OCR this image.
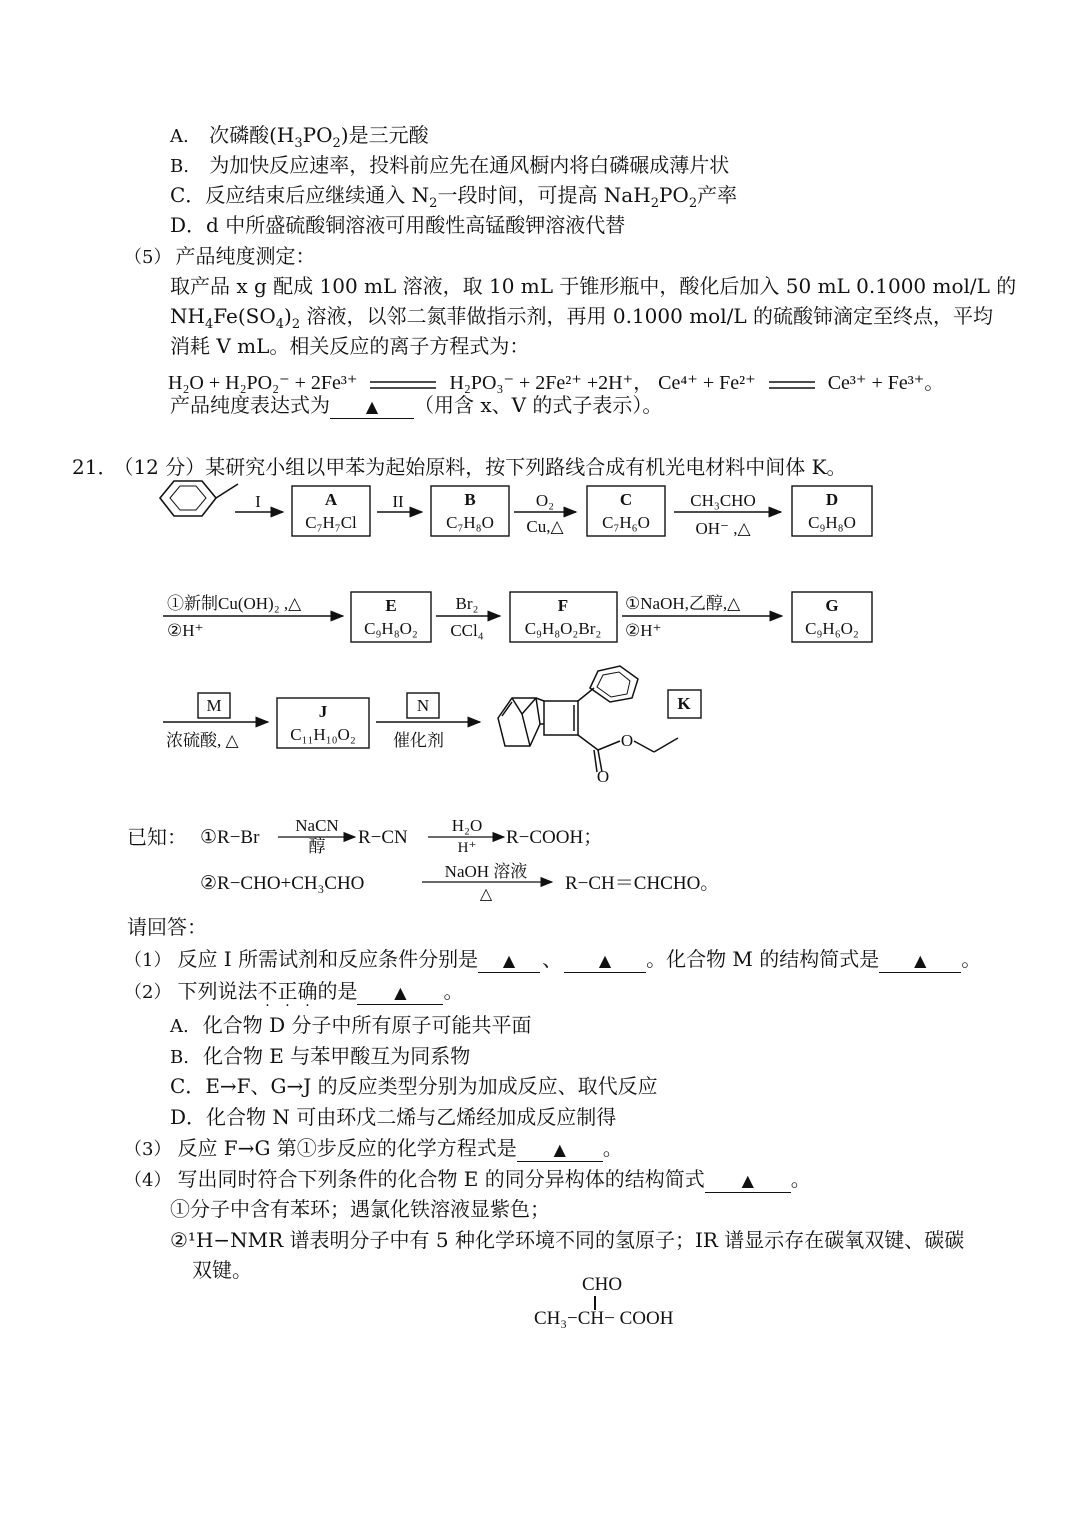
A. 次磷酸$(H_3PO_2)$是三元酸
B. 为加快反应速率，投料前应先在通风橱内将白磷碾成薄片状
C．反应结束后应继续通入 $N_2$一段时间，可提高 $NaH_2PO_2$产率
D．d 中所盛硫酸铜溶液可用酸性高锰酸钾溶液代替
（5） 产品纯度测定：
取产品 x g 配成 100 mL 溶液，取 10 mL 于锥形瓶中，酸化后加入 50 mL 0.1000 mol/L 的
$NH_4Fe(SO_4)_2$ 溶液，以邻二氮菲做指示剂，再用 0.1000 mol/L 的硫酸铈滴定至终点，平均
消耗 V mL。相关反应的离子方程式为：
H₂O + H₂PO₂⁻ + 2Fe³⁺	H₂PO₃⁻ + 2Fe²⁺ +2H⁺， Ce⁴⁺ + Fe²⁺	Ce³⁺ + Fe³⁺。
产品纯度表达式为 ▲ （用含 x、V 的式子表示）。
21． （12 分）某研究小组以甲苯为起始原料，按下列路线合成有机光电材料中间体 K。
I	A
C₇H₇Cl
II	B
C₇H₈O
O₂
Cu,△
C
C₇H₆O
CH₃CHO
OH⁻ ,△
D
C₉H₈O
①新制Cu(OH)₂ ,△
②H⁺
E
C₉H₈O₂
Br₂
CCl₄
F
C₉H₈O₂Br₂
①NaOH,乙醇,△
②H⁺
G
C₉H₆O₂
M
浓硫酸, △
J
C₁₁H₁₀O₂
N
催化剂	O
O
K
已知： ①R−Br
NaCN
醇 R−CN
H₂O
H⁺ R−COOH；
②R−CHO+CH₃CHO
NaOH 溶液
△
R−CH＝CHCHO。
请回答：
（1） 反应 I 所需试剂和反应条件分别是 ▲ 、 ▲ 。化合物 M 的结构简式是 ▲ 。
（2） 下列说法不正确的是 ▲ 。
A. 化合物 D 分子中所有原子可能共平面
B. 化合物 E 与苯甲酸互为同系物
C．E→F、G→J 的反应类型分别为加成反应、取代反应
D．化合物 N 可由环戊二烯与乙烯经加成反应制得
（3） 反应 F→G 第①步反应的化学方程式是 ▲ 。
（4） 写出同时符合下列条件的化合物 E 的同分异构体的结构简式 ▲ 。
①分子中含有苯环；遇氯化铁溶液显紫色；
②¹H−NMR 谱表明分子中有 5 种化学环境不同的氢原子；IR 谱显示存在碳氧双键、碳碳
双键。
CHO
CH₃−CH− COOH
